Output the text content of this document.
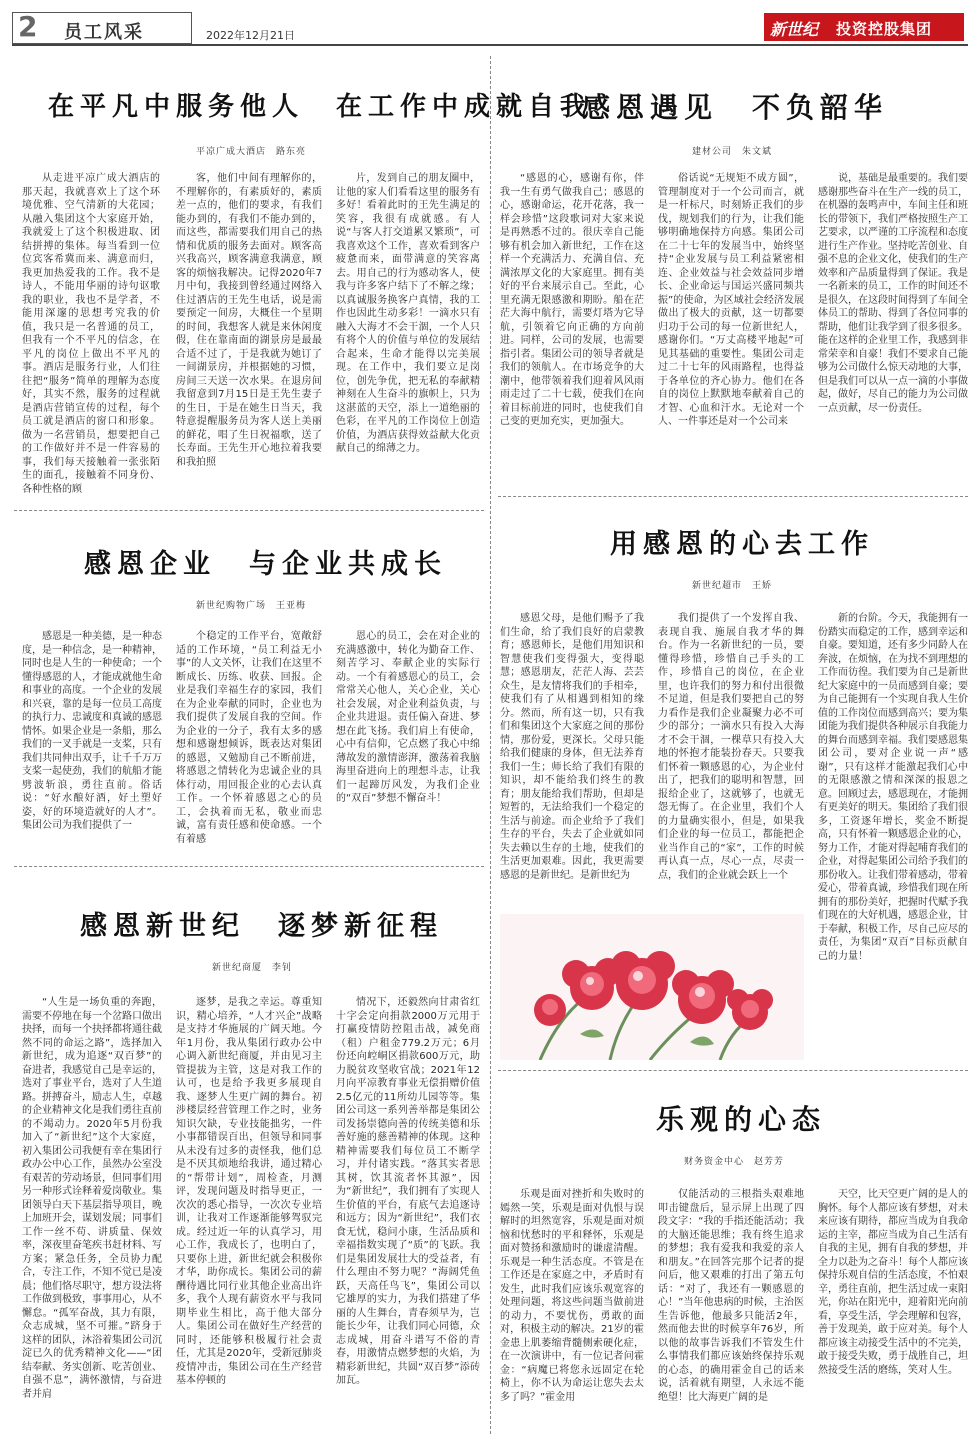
2 员工风采	2022年12月21日	新世纪 投资控股集团
在平凡中服务他人　在工作中成就自我
平凉广成大酒店　路东亮

从走进平凉广成大酒店的那天起，我就喜欢上了这个环境优雅、空气清新的大花园；从融入集团这个大家庭开始，我就爱上了这个积极进取、团结拼搏的集体。每当看到一位位宾客希冀而来、满意而归，我更加热爱我的工作。我不是诗人，不能用华丽的诗句讴歌我的职业，我也不是学者，不能用深邃的思想考究我的价值，我只是一名普通的员工，但我有一个不平凡的信念，在平凡的岗位上做出不平凡的事。酒店是服务行业，人们往往把“服务”简单的理解为态度好，其实不然，服务的过程就是酒店营销宣传的过程，每个员工就是酒店的窗口和形象。做为一名营销员，想要把自己的工作做好并不是一件容易的事，我们每天接触着一张张陌生的面孔，接触着不同身份、各种性格的顾

客，他们中间有理解你的，不理解你的，有素质好的，素质差一点的，他们的要求，有我们能办到的，有我们不能办到的，而这些，都需要我们用自己的热情和优质的服务去面对。顾客高兴我高兴，顾客满意我满意，顾客的烦恼我解决。记得2020年7月中旬，我接到曾经通过网络入住过酒店的王先生电话，说是需要预定一间房，大概住一个星期的时间，我想客人就是来休闲度假，住在靠南面的湖景房是最最合适不过了，于是我就为她订了一间湖景房，并根据她的习惯，房间三天送一次水果。在退房间我留意到7月15日是王先生妻子的生日，于是在她生日当天，我特意提醒服务员为客人送上美丽的鲜花，唱了生日祝福歌，送了长寿面。王先生开心地拉着我要和我拍照

片，发到自己的朋友圈中，让他的家人们看看这里的服务有多好！看着此时的王先生满足的笑容，我很有成就感。有人说“与客人打交道累又繁琐”，可我喜欢这个工作，喜欢看到客户疲惫而来，面带满意的笑容离去。用自己的行为感动客人，使我与许多客户结下了不解之缘；以真诚服务换客户真情，我的工作也因此生动多彩！一滴水只有融入大海才不会干涸，一个人只有将个人的价值与单位的发展结合起来，生命才能得以完美展现。在工作中，我们要立足岗位，创先争优，把无私的奉献精神刻在人生奋斗的旗帜上，只为这湛蓝的天空，添上一道绝丽的色彩，在平凡的工作岗位上创造价值，为酒店获得效益献大化贡献自己的绵薄之力。

感恩遇见　不负韶华
建材公司　朱文斌

“感恩的心，感谢有你，伴我一生有勇气做我自己；感恩的心，感谢命运，花开花落，我一样会珍惜”这段歌词对大家来说是再熟悉不过的。很庆幸自己能够有机会加入新世纪，工作在这样一个充满活力、充满自信、充满浓厚文化的大家庭里。拥有美好的平台来展示自己。至此，心里充满无限感激和期盼。船在茫茫大海中航行，需要灯塔为它导航，引领着它向正确的方向前进。同样，公司的发展，也需要指引者。集团公司的领导者就是我们的领航人。在市场竞争的大潮中，他带领着我们迎着风风雨雨走过了二十七载，使我们在向着目标前进的同时，也使我们自己变的更加充实，更加强大。

俗话说“无规矩不成方圆”，管理制度对于一个公司而言，就是一杆标尺，时刻矫正我们的步伐，规划我们的行为，让我们能够明确地保持方向感。集团公司在二十七年的发展当中，始终坚持“企业发展与员工利益紧密相连、企业效益与社会效益同步增长、企业命运与国运兴盛同频共振”的使命，为区域社会经济发展做出了极大的贡献，这一切都要归功于公司的每一位新世纪人，感谢你们。“万丈高楼平地起”可见其基础的重要性。集团公司走过二十七年的风雨路程，也得益于各单位的齐心协力。他们在各自的岗位上默默地奉献着自己的才智、心血和汗水。无论对一个人、一件事还是对一个公司来

说，基础是最重要的。我们要感谢那些奋斗在生产一线的员工，在机器的轰鸣声中，车间主任和班长的带领下，我们严格按照生产工艺要求，以严谨的工序流程和态度进行生产作业。坚持吃苦创业、自强不息的企业文化，使我们的生产效率和产品质量得到了保证。我是一名新来的员工，工作的时间还不是很久，在这段时间得到了车间全体员工的帮助、得到了各位同事的帮助，他们让我学到了很多很多。能在这样的企业里工作，我感到非常荣幸和自豪！我们不要求自己能够为公司做什么惊天动地的大事，但是我们可以从一点一滴的小事做起，做好，尽自己的能力为公司做一点贡献，尽一份责任。

感恩企业　与企业共成长
新世纪购物广场　王亚梅

感恩是一种美德，是一种态度，是一种信念，是一种精神，同时也是人生的一种使命；一个懂得感恩的人，才能成就他生命和事业的高度。一个企业的发展和兴衰，靠的是每一位员工高度的执行力、忠诚度和真诚的感恩情怀。如果企业是一条船，那么我们的一叉手就是一支桨，只有我们共同伸出双手，让千千万万支桨一起使劲，我们的航船才能劈波斩浪，勇往直前。俗话说：“好水酿好酒，好土塑好姿，好的环境造就好的人才”。集团公司为我们提供了一

个稳定的工作平台，宽敞舒适的工作环境，“员工利益无小事”的人文关怀，让我们在这里不断成长、历练、收获、回报。企业是我们幸福生存的家园，我们在为企业奉献的同时，企业也为我们提供了发展自我的空间。作为企业的一分子，我有太多的感想和感谢想倾诉，既表达对集团的感恩，又勉励自己不断前进，将感恩之情转化为忠诚企业的具体行动，用回报企业的心去认真工作。一个怀着感恩之心的员工，会执着而无私，敬业而忠诚，富有责任感和使命感。一个有着感

恩心的员工，会在对企业的充满感激中，转化为勤奋工作、刻苦学习、奉献企业的实际行动。一个有着感恩心的员工，会常常关心他人，关心企业，关心社会发展，对企业利益负责，与企业共进退。责任偏入奋进、梦想在此飞扬。我们肩上有使命，心中有信仰，它点燃了我心中绵薄故发的激情澎湃，激荡着我脑海里奋进向上的理想斗志，让我们一起蹄厉风发，为我们企业的“双百”梦想不懈奋斗！

用感恩的心去工作
新世纪超市　王娇

感恩父母，是他们赐予了我们生命，给了我们良好的启蒙教育；感恩师长，是他们用知识和智慧使我们变得强大，变得聪慧；感恩朋友，茫茫人海、芸芸众生，是友情将我们的手相牵，使我们有了从相遇到相知的缘分。然而，所有这一切，只有我们和集团这个大家庭之间的那份情，那份爱，更深长。父母只能给我们健康的身体，但无法养育我们一生；师长给了我们有限的知识，却不能给我们终生的教育；朋友能给我们帮助，但却是短暂的，无法给我们一个稳定的生活与前途。而企业给予了我们生存的平台，失去了企业就如同失去赖以生存的土地，使我们的生活更加艰难。因此，我更需要感恩的是新世纪。是新世纪为

我们提供了一个发挥自我、表现自我、施展自我才华的舞台。作为一名新世纪的一员，要懂得珍惜，珍惜自己手头的工作，珍惜自己的岗位，在企业里，也许我们的努力和付出很微不足道，但是我们要把自己的努力看作是我们企业凝聚力必不可少的部分；一滴水只有投入大海才不会干涸，一棵草只有投入大地的怀抱才能装扮春天。只要我们怀着一颗感恩的心，为企业付出了，把我们的聪明和智慧，回报给企业了，这就够了，也就无怨无悔了。在企业里，我们个人的力量确实很小，但是，如果我们企业的每一位员工，都能把企业当作自己的“家”，工作的时候再认真一点，尽心一点，尽责一点，我们的企业就会跃上一个

新的台阶。今天，我能拥有一份踏实而稳定的工作，感到幸运和自豪。要知道，还有多少同龄人在奔波，在烦恼，在为找不到理想的工作而彷徨。我们要为自己是新世纪大家庭中的一员而感到自豪；要为自己能拥有一个实现自我人生价值的工作岗位而感到高兴；要为集团能为我们提供各种展示自我能力的舞台而感到幸福。我们要感恩集团公司，要对企业说一声“感谢”，只有这样才能激起我们心中的无限感激之情和深深的报恩之意。回顾过去，感恩现在，才能拥有更美好的明天。集团给了我们很多，工资逐年增长，奖金不断提高，只有怀着一颗感恩企业的心，努力工作，才能对得起哺育我们的企业，对得起集团公司给予我们的那份收入。让我们带着感动，带着爱心，带着真诚，珍惜我们现在所拥有的那份美好，把握时代赋予我们现在的大好机遇，感恩企业，甘于奉献，积极工作，尽自己应尽的责任，为集团“双百”目标贡献自己的力量！

感恩新世纪　逐梦新征程
新世纪商厦　李钊

“人生是一场负重的奔跑，需要不停地在每一个岔路口做出抉择，而每一个抉择都将通往截然不同的命运之路”，选择加入新世纪，成为追逐“双百梦”的奋进者，我感觉自己是幸运的，选对了事业平台，选对了人生道路。拼搏奋斗，励志人生，卓越的企业精神文化是我们勇往直前的不竭动力。2020年5月份我加入了“新世纪”这个大家庭，初入集团公司我便有幸在集团行政办公中心工作，虽然办公室没有艰苦的劳动场景，但同事们用另一种形式诠释着爱岗敬业。集团领导白天下基层指导项目，晚上加班开会，谋划发展；同事们工作一丝不苟、讲质量、保效率，深夜里奋笔疾书赶材料、写方案；紧急任务，全员协力配合，专注工作，不知不觉已是凌晨；他们恪尽职守，想方设法将工作做到极致，事事用心，从不懈怠。“孤军奋战，其力有限，众志成城，坚不可摧。”跻身于这样的团队，沐浴着集团公司沉淀已久的优秀精神文化——“团结奉献、务实创新、吃苦创业、自强不息”，满怀激情，与奋进者并肩

逐梦，是我之幸运。尊重知识，精心培养，“人才兴企”战略是支持才华施展的广阔天地。今年1月份，我从集团行政办公中心调入新世纪商厦，并由见习主管提拔为主管，这是对我工作的认可，也是给予我更多展现自我、逐梦人生更广阔的舞台。初涉楼层经营管理工作之时，业务知识欠缺，专业技能拙劣，一件小事都错误百出，但领导和同事从未没有过多的责怪我，他们总是不厌其烦地给我讲，通过精心的“帮带计划”，周检查，月测评，发现问题及时指导更正，一次次的悉心指导，一次次专业培训，让我对工作逐渐能够驾驭完成。经过近一年的认真学习，用心工作，我成长了，也明白了，只要你上进，新世纪就会积极你才华，助你成长。集团公司的薪酬待遇比同行业其他企业高出许多，我个人现有薪资水平与我同期毕业生相比，高于他大部分人。集团公司在做好生产经营的同时，还能够积极履行社会责任，尤其是2020年，受新冠肺炎疫情冲击，集团公司在生产经营基本停顿的

情况下，还毅然向甘肃省红十字会定向捐款2000万元用于打赢疫情防控阻击战，减免商（租）户租金779.2万元；6月份还向崆峒区捐款600万元，助力脱贫攻坚收官战；2021年12月向平凉教育事业无偿捐赠价值2.5亿元的11所幼儿园等等。集团公司这一系列善举都是集团公司发扬崇德向善的传统美德和乐善好施的慈善精神的体现。这种精神需要我们每位员工不断学习，并付诸实践。“落其实者思其树，饮其流者怀其源”，因为“新世纪”，我们拥有了实现人生价值的平台，有底气去追逐诗和远方；因为“新世纪”，我们衣食无忧，稳问小康，生活品质和幸福指数实现了“质”的飞跃。我们是集团发展壮大的受益者，有什么理由不努力呢？“海阔凭鱼跃，天高任鸟飞”，集团公司以它雄厚的实力，为我们搭建了华丽的人生舞台，青春须早为，岂能长少年，让我们同心同德，众志成城，用奋斗谱写不俗的青春，用激情点燃梦想的火焰，为精彩新世纪，共圆“双百梦”添砖加瓦。

乐观的心态
财务资金中心　赵芳芳

乐观是面对挫折和失败时的嫣然一笑，乐观是面对仇恨与误解时的坦然宽容，乐观是面对烦恼和忧愁时的平和释怀，乐观是面对赞扬和激励时的谦虚清醒。乐观是一种生活态度。不管是在工作还是在家庭之中，矛盾时有发生，此时我们应该乐观宽容的处理问题，将这些问题当做前进的动力，不要忧伤，勇敢的面对，积极主动的解决。21岁的霍金患上肌萎缩背髓侧索硬化症，在一次演讲中，有一位记者问霍金：“病魔已将您永远固定在轮椅上，你不认为命运让您失去太多了吗？”霍金用

仅能活动的三根指头艰难地叩击键盘后，显示屏上出现了四段文字：“我的手指还能活动；我的大脑还能思维；我有终生追求的梦想；我有爱我和我爱的亲人和朋友。”在回答完那个记者的提问后，他又艰难的打出了第五句话：“对了，我还有一颗感恩的心！”当年他患病的时候，主治医生告诉他，他最多只能活2年，然而他去世的时候享年76岁，所以他的故事告诉我们不管发生什么事情我们都应该始终保持乐观的心态，的确用霍金自己的话来说，活着就有期望，人永远不能绝望！比大海更广阔的是

天空，比天空更广阔的是人的胸怀。每个人都应该有梦想，对未来应该有期待，都应当成为自我命运的主宰，都应当成为自己生活有自我的主见，拥有自我的梦想，并全力以赴为之奋斗！每个人都应该保持乐观自信的生活态度，不怕艰辛，勇往直前，把生活过成一束阳光，你站在阳光中，迎着阳光向前看，享受生活，学会理解和包容，善于发现美，敢于应对美。每个人都应该主动接受生活中的不完美，敢于接受失败，勇于战胜自己，坦然接受生活的磨练，笑对人生。
